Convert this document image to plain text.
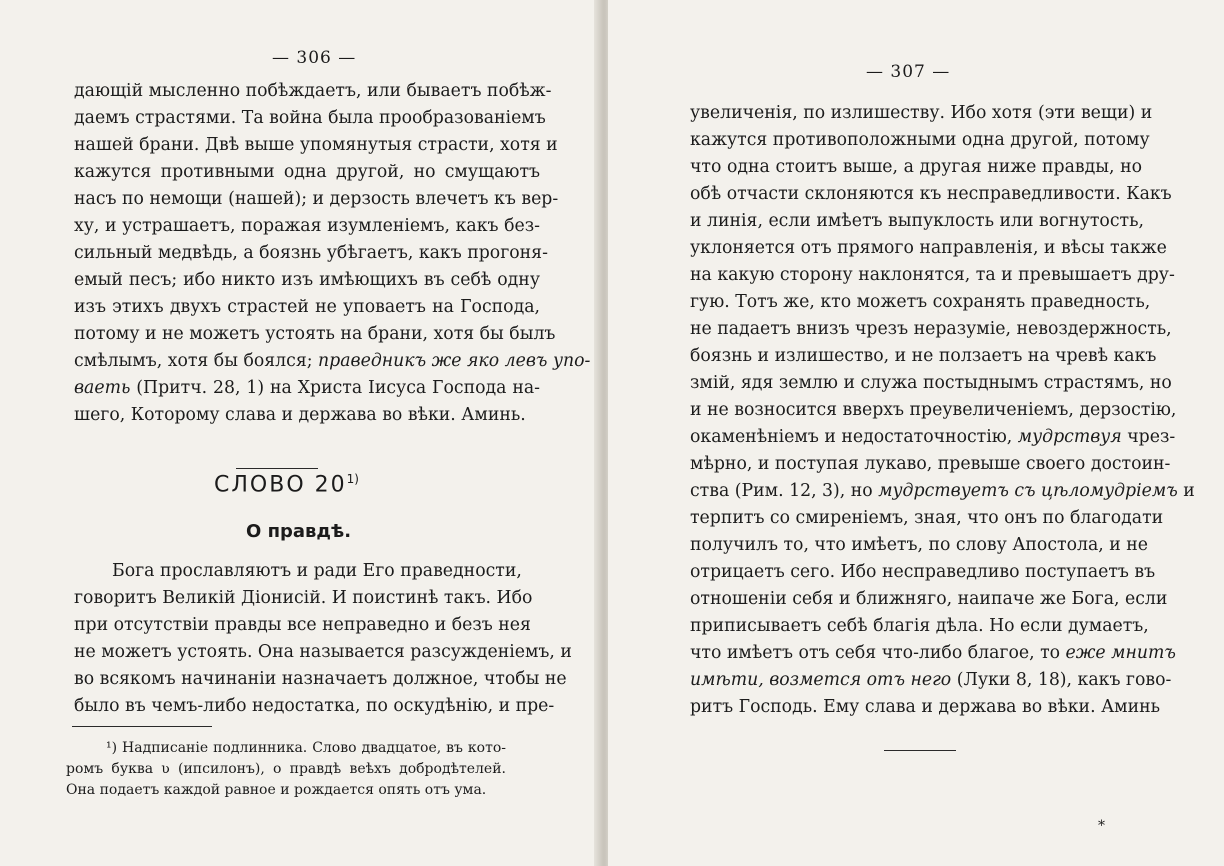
— 306 —
дающій мысленно побѣждаетъ, или бываетъ побѣж-
даемъ страстями. Та война была прообразованіемъ
нашей брани. Двѣ выше упомянутыя страсти, хотя и
кажутся противными одна другой, но смущаютъ
насъ по немощи (нашей); и дерзость влечетъ къ вер-
ху, и устрашаетъ, поражая изумленіемъ, какъ без-
сильный медвѣдь, а боязнь убѣгаетъ, какъ прогоня-
емый песъ; ибо никто изъ имѣющихъ въ себѣ одну
изъ этихъ двухъ страстей не уповаетъ на Господа,
потому и не можетъ устоять на брани, хотя бы былъ
смѣлымъ, хотя бы боялся; праведникъ же яко левъ упо-
ваеть (Притч. 28, 1) на Христа Іисуса Господа на-
шего, Которому слава и держава во вѣки. Аминь.
СЛОВО 20$^{1)}$
О правдѣ.
Бога прославляютъ и ради Его праведности,
говоритъ Великій Діонисій. И поистинѣ такъ. Ибо
при отсутствіи правды все неправедно и безъ нея
не можетъ устоять. Она называется разсужденіемъ, и
во всякомъ начинаніи назначаетъ должное, чтобы не
было въ чемъ-либо недостатка, по оскудѣнію, и пре-
¹) Надписаніе подлинника. Слово двадцатое, въ кото-
ромъ буква ʋ (ипсилонъ), о правдѣ веѣхъ добродѣтелей.
Она подаетъ каждой равное и рождается опять отъ ума.
— 307 —
увеличенія, по излишеству. Ибо хотя (эти вещи) и
кажутся противоположными одна другой, потому
что одна стоитъ выше, а другая ниже правды, но
обѣ отчасти склоняются къ несправедливости. Какъ
и линія, если имѣетъ выпуклость или вогнутость,
уклоняется отъ прямого направленія, и вѣсы также
на какую сторону наклонятся, та и превышаетъ дру-
гую. Тотъ же, кто можетъ сохранять праведность,
не падаетъ внизъ чрезъ неразуміе, невоздержность,
боязнь и излишество, и не ползаетъ на чревѣ какъ
змій, ядя землю и служа постыднымъ страстямъ, но
и не возносится вверхъ преувеличеніемъ, дерзостію,
окаменѣніемъ и недостаточностію, мудрствуя чрез-
мѣрно, и поступая лукаво, превыше своего достоин-
ства (Рим. 12, 3), но мудрствуетъ съ цѣломудріемъ и
терпитъ со смиреніемъ, зная, что онъ по благодати
получилъ то, что имѣетъ, по слову Апостола, и не
отрицаетъ сего. Ибо несправедливо поступаетъ въ
отношеніи себя и ближняго, наипаче же Бога, если
приписываетъ себѣ благія дѣла. Но если думаетъ,
что имѣетъ отъ себя что-либо благое, то еже мнитъ
имѣти, возмется отъ него (Луки 8, 18), какъ гово-
ритъ Господь. Ему слава и держава во вѣки. Аминь
*
